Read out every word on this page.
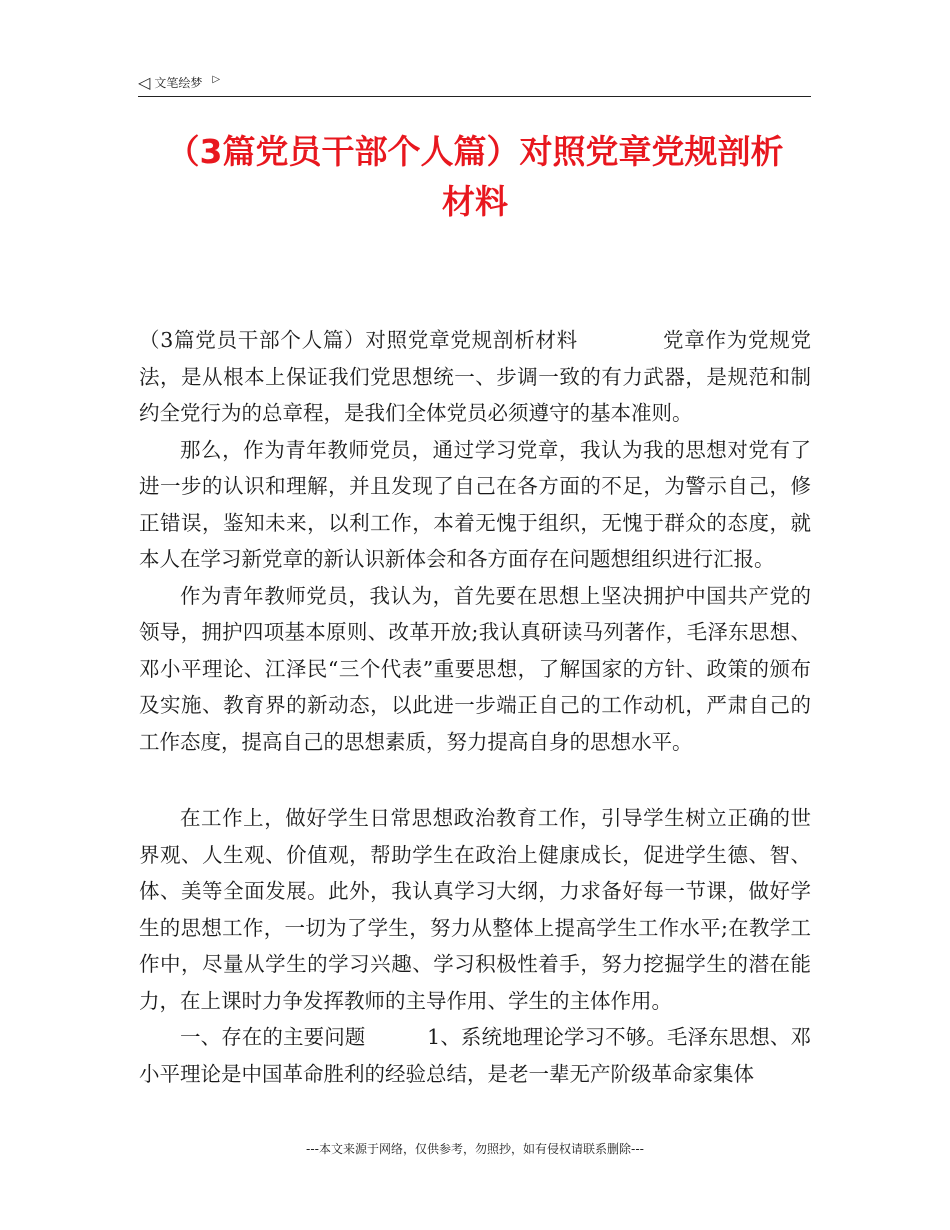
◁ 文笔绘梦 ▷
（3篇党员干部个人篇）对照党章党规剖析
材料

（3篇党员干部个人篇）对照党章党规剖析材料　　　　党章作为党规党法，是从根本上保证我们党思想统一、步调一致的有力武器，是规范和制约全党行为的总章程，是我们全体党员必须遵守的基本准则。

那么，作为青年教师党员，通过学习党章，我认为我的思想对党有了进一步的认识和理解，并且发现了自己在各方面的不足，为警示自己，修正错误，鉴知未来，以利工作，本着无愧于组织，无愧于群众的态度，就本人在学习新党章的新认识新体会和各方面存在问题想组织进行汇报。

作为青年教师党员，我认为，首先要在思想上坚决拥护中国共产党的领导，拥护四项基本原则、改革开放;我认真研读马列著作，毛泽东思想、邓小平理论、江泽民“三个代表”重要思想，了解国家的方针、政策的颁布及实施、教育界的新动态，以此进一步端正自己的工作动机，严肃自己的工作态度，提高自己的思想素质，努力提高自身的思想水平。

在工作上，做好学生日常思想政治教育工作，引导学生树立正确的世界观、人生观、价值观，帮助学生在政治上健康成长，促进学生德、智、体、美等全面发展。此外，我认真学习大纲，力求备好每一节课，做好学生的思想工作，一切为了学生，努力从整体上提高学生工作水平;在教学工作中，尽量从学生的学习兴趣、学习积极性着手，努力挖掘学生的潜在能力，在上课时力争发挥教师的主导作用、学生的主体作用。

一、存在的主要问题　　　1、系统地理论学习不够。毛泽东思想、邓小平理论是中国革命胜利的经验总结，是老一辈无产阶级革命家集体

---本文来源于网络，仅供参考，勿照抄，如有侵权请联系删除---
